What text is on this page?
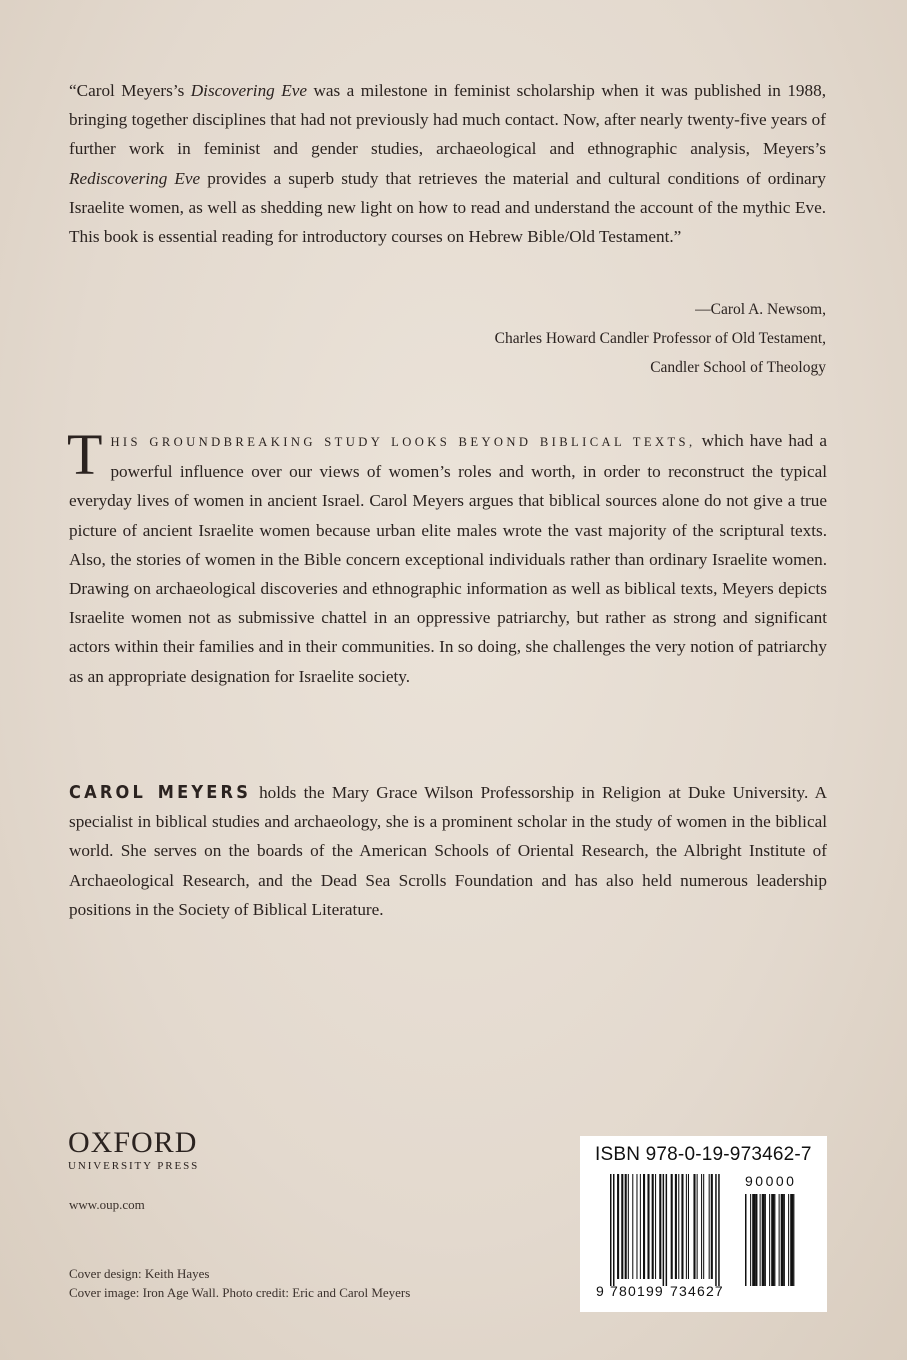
“Carol Meyers’s Discovering Eve was a milestone in feminist scholarship when it was published in 1988, bringing together disciplines that had not previously had much contact. Now, after nearly twenty-five years of further work in feminist and gender studies, archaeological and ethnographic analysis, Meyers’s Rediscovering Eve provides a superb study that retrieves the material and cultural conditions of ordinary Israelite women, as well as shedding new light on how to read and understand the account of the mythic Eve. This book is essential reading for introductory courses on Hebrew Bible/Old Testament.”

—Carol A. Newsom,
Charles Howard Candler Professor of Old Testament,
Candler School of Theology

THIS GROUNDBREAKING STUDY LOOKS BEYOND BIBLICAL TEXTS, which have had a powerful influence over our views of women’s roles and worth, in order to reconstruct the typical everyday lives of women in ancient Israel. Carol Meyers argues that biblical sources alone do not give a true picture of ancient Israelite women because urban elite males wrote the vast majority of the scriptural texts. Also, the stories of women in the Bible concern exceptional individuals rather than ordinary Israelite women. Drawing on archaeological discoveries and ethnographic information as well as biblical texts, Meyers depicts Israelite women not as submissive chattel in an oppressive patriarchy, but rather as strong and significant actors within their families and in their communities. In so doing, she challenges the very notion of patriarchy as an appropriate designation for Israelite society.

CAROL MEYERS holds the Mary Grace Wilson Professorship in Religion at Duke University. A specialist in biblical studies and archaeology, she is a prominent scholar in the study of women in the biblical world. She serves on the boards of the American Schools of Oriental Research, the Albright Institute of Archaeological Research, and the Dead Sea Scrolls Foundation and has also held numerous leadership positions in the Society of Biblical Literature.

OXFORD
UNIVERSITY PRESS
www.oup.com
Cover design: Keith Hayes
Cover image: Iron Age Wall. Photo credit: Eric and Carol Meyers
ISBN 978-0-19-973462-7
9 780199 734627
90000
